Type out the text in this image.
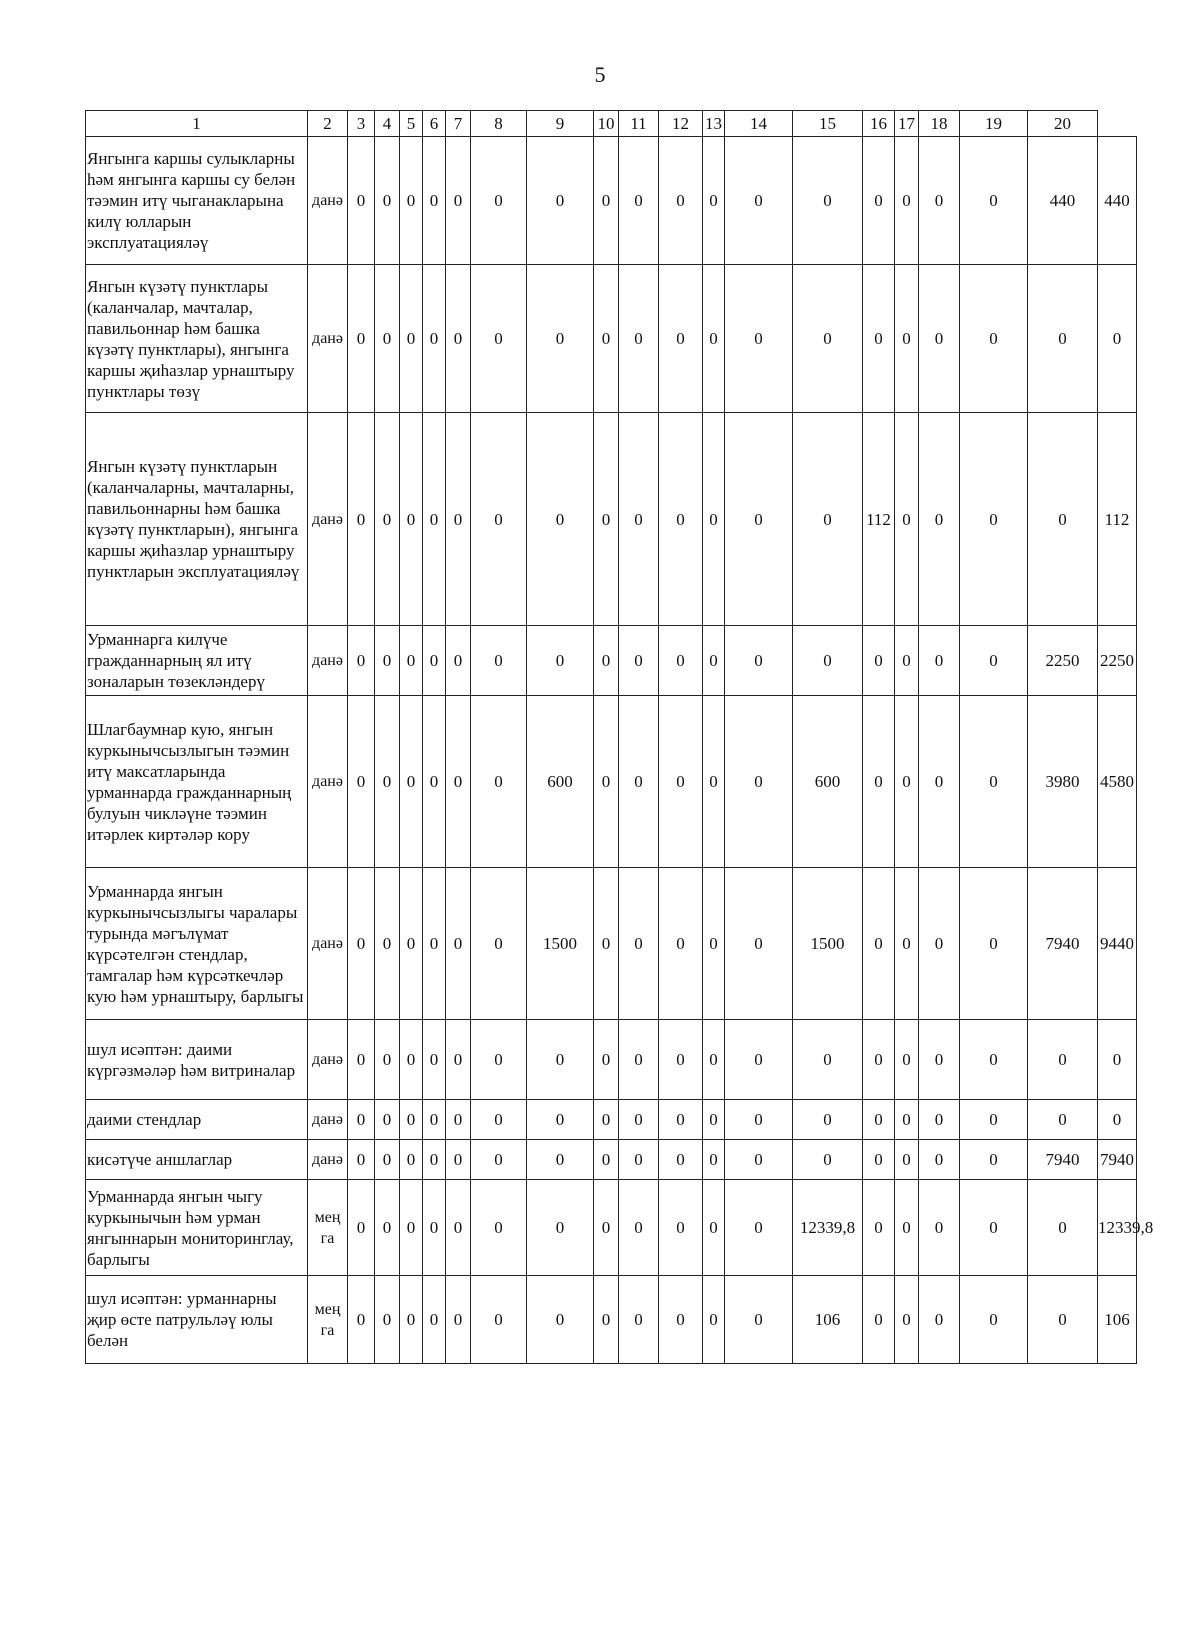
5
1	2	3	4	5	6	7	8	9	10	11	12	13	14	15	16	17	18	19	20	
Янгынга каршы сулыкларны һәм янгынга каршы су белән тәэмин итү чыганакларына килү юлларын эксплуатацияләү	данә	0	0	0	0	0	0	0	0	0	0	0	0	0	0	0	0	0	440	440
Янгын күзәтү пунктлары (каланчалар, мачталар, павильоннар һәм башка күзәтү пунктлары), янгынга каршы җиһазлар урнаштыру пунктлары төзү	данә	0	0	0	0	0	0	0	0	0	0	0	0	0	0	0	0	0	0	0
Янгын күзәтү пунктларын (каланчаларны, мачталарны, павильоннарны һәм башка күзәтү пунктларын), янгынга каршы җиһазлар урнаштыру пунктларын эксплуатацияләү	данә	0	0	0	0	0	0	0	0	0	0	0	0	0	112	0	0	0	0	112
Урманнарга килүче гражданнарның ял итү зоналарын төзекләндерү	данә	0	0	0	0	0	0	0	0	0	0	0	0	0	0	0	0	0	2250	2250
Шлагбаумнар кую, янгын куркынычсызлыгын тәэмин итү максатларында урманнарда гражданнарның булуын чикләүне тәэмин итәрлек киртәләр кору	данә	0	0	0	0	0	0	600	0	0	0	0	0	600	0	0	0	0	3980	4580
Урманнарда янгын куркынычсызлыгы чаралары турында мәгълүмат күрсәтелгән стендлар, тамгалар һәм күрсәткечләр кую һәм урнаштыру, барлыгы	данә	0	0	0	0	0	0	1500	0	0	0	0	0	1500	0	0	0	0	7940	9440
шул исәптән: даими күргәзмәләр һәм витриналар	данә	0	0	0	0	0	0	0	0	0	0	0	0	0	0	0	0	0	0	0
даими стендлар	данә	0	0	0	0	0	0	0	0	0	0	0	0	0	0	0	0	0	0	0
кисәтүче аншлаглар	данә	0	0	0	0	0	0	0	0	0	0	0	0	0	0	0	0	0	7940	7940
Урманнарда янгын чыгу куркынычын һәм урман янгыннарын мониторинглау, барлыгы	мең га	0	0	0	0	0	0	0	0	0	0	0	0	12339,8	0	0	0	0	0	12339,8
шул исәптән: урманнарны җир өсте патрульләү юлы белән	мең га	0	0	0	0	0	0	0	0	0	0	0	0	106	0	0	0	0	0	106
